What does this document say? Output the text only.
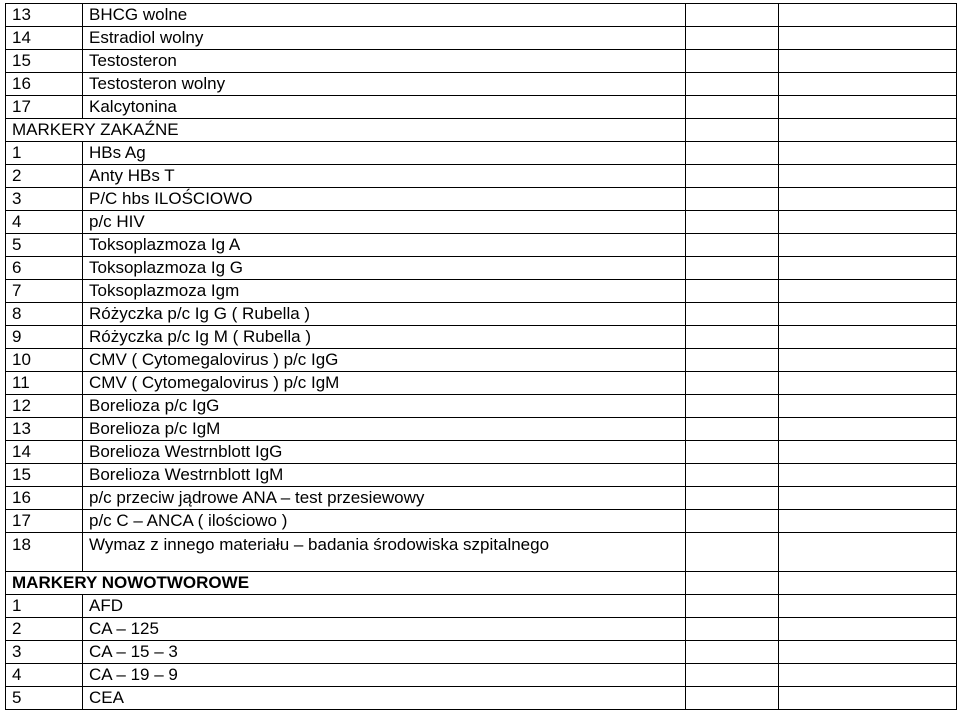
13	BHCG wolne		
14	Estradiol wolny		
15	Testosteron		
16	Testosteron wolny		
17	Kalcytonina		
MARKERY ZAKAŹNE			
1	HBs Ag		
2	Anty HBs T		
3	P/C hbs ILOŚCIOWO		
4	p/c HIV		
5	Toksoplazmoza Ig A		
6	Toksoplazmoza Ig G		
7	Toksoplazmoza Igm		
8	Różyczka p/c Ig G ( Rubella )		
9	Różyczka p/c Ig M ( Rubella )		
10	CMV ( Cytomegalovirus ) p/c IgG		
11	CMV ( Cytomegalovirus ) p/c IgM		
12	Borelioza p/c IgG		
13	Borelioza p/c IgM		
14	Borelioza Westrnblott IgG		
15	Borelioza Westrnblott IgM		
16	p/c przeciw jądrowe ANA – test przesiewowy		
17	p/c C – ANCA ( ilościowo )		
18	Wymaz z innego materiału – badania środowiska szpitalnego		
MARKERY NOWOTWOROWE			
1	AFD		
2	CA – 125		
3	CA – 15 – 3		
4	CA – 19 – 9		
5	CEA		
